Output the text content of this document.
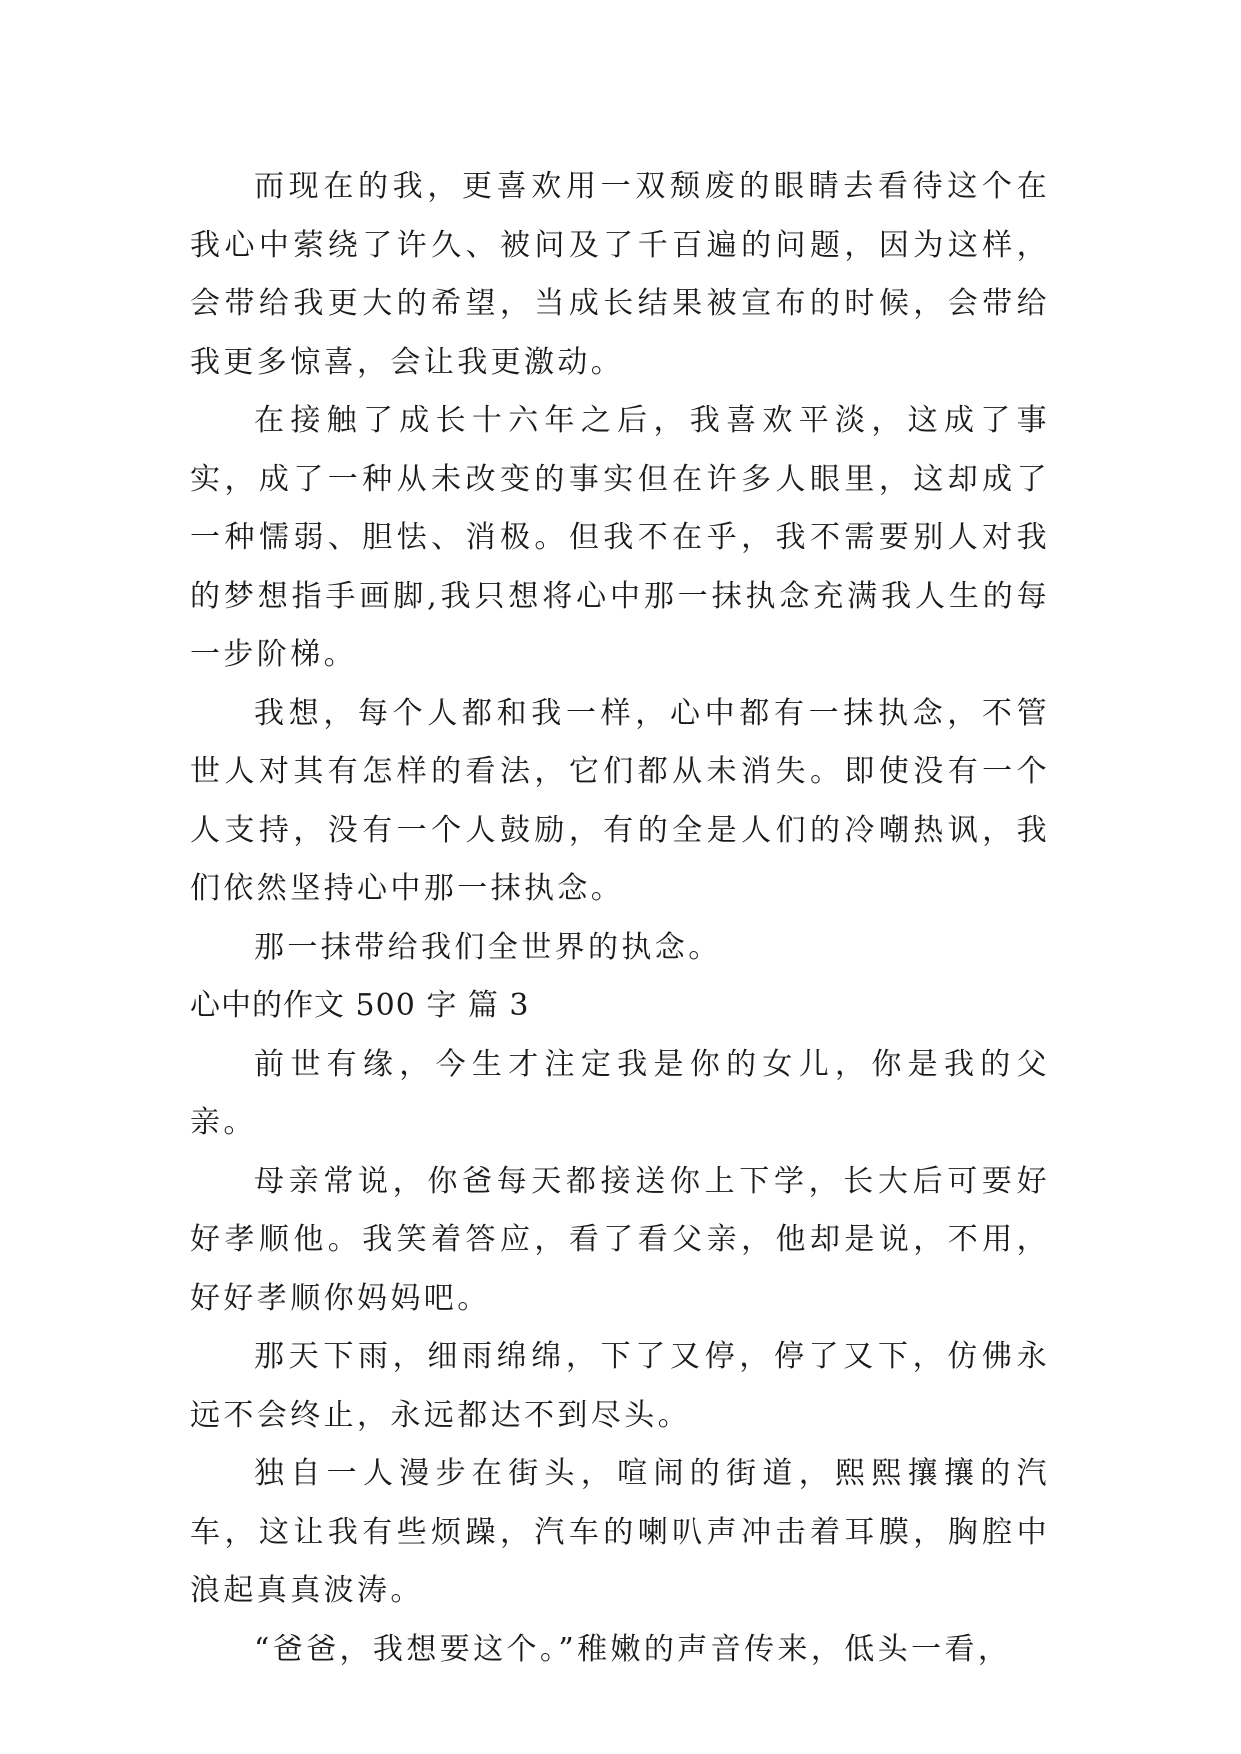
而现在的我，更喜欢用一双颓废的眼睛去看待这个在我心中萦绕了许久、被问及了千百遍的问题，因为这样，会带给我更大的希望，当成长结果被宣布的时候，会带给我更多惊喜，会让我更激动。

在接触了成长十六年之后，我喜欢平淡，这成了事实，成了一种从未改变的事实但在许多人眼里，这却成了一种懦弱、胆怯、消极。但我不在乎，我不需要别人对我的梦想指手画脚,我只想将心中那一抹执念充满我人生的每一步阶梯。

我想，每个人都和我一样，心中都有一抹执念，不管世人对其有怎样的看法，它们都从未消失。即使没有一个人支持，没有一个人鼓励，有的全是人们的冷嘲热讽，我们依然坚持心中那一抹执念。

那一抹带给我们全世界的执念。

心中的作文 500 字 篇 3

前世有缘，今生才注定我是你的女儿，你是我的父亲。

母亲常说，你爸每天都接送你上下学，长大后可要好好孝顺他。我笑着答应，看了看父亲，他却是说，不用，好好孝顺你妈妈吧。

那天下雨，细雨绵绵，下了又停，停了又下，仿佛永远不会终止，永远都达不到尽头。

独自一人漫步在街头，喧闹的街道，熙熙攘攘的汽车，这让我有些烦躁，汽车的喇叭声冲击着耳膜，胸腔中浪起真真波涛。

“爸爸，我想要这个。”稚嫩的声音传来，低头一看，
